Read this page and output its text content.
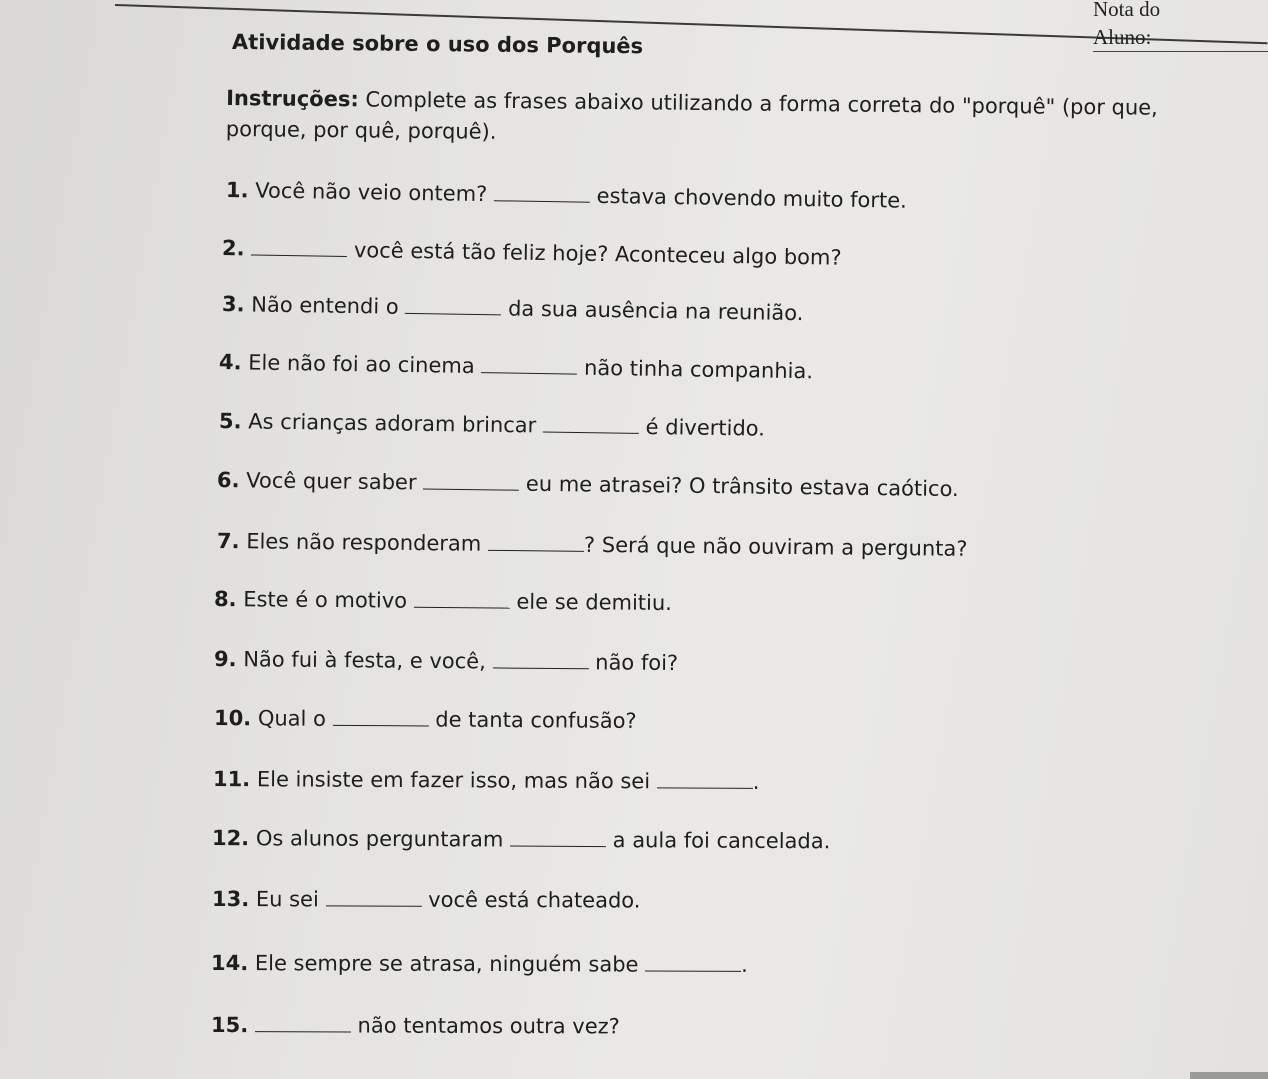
Nota do
Aluno:
Atividade sobre o uso dos Porquês
Instruções: Complete as frases abaixo utilizando a forma correta do "porquê" (por que, porque, por quê, porquê).
1. Você não veio ontem?	estava chovendo muito forte.
2.	você está tão feliz hoje? Aconteceu algo bom?
3. Não entendi o	da sua ausência na reunião.
4. Ele não foi ao cinema	não tinha companhia.
5. As crianças adoram brincar	é divertido.
6. Você quer saber	eu me atrasei? O trânsito estava caótico.
7. Eles não responderam	? Será que não ouviram a pergunta?
8. Este é o motivo	ele se demitiu.
9. Não fui à festa, e você,	não foi?
10. Qual o	de tanta confusão?
11. Ele insiste em fazer isso, mas não sei	.
12. Os alunos perguntaram	a aula foi cancelada.
13. Eu sei	você está chateado.
14. Ele sempre se atrasa, ninguém sabe	.
15.	não tentamos outra vez?
